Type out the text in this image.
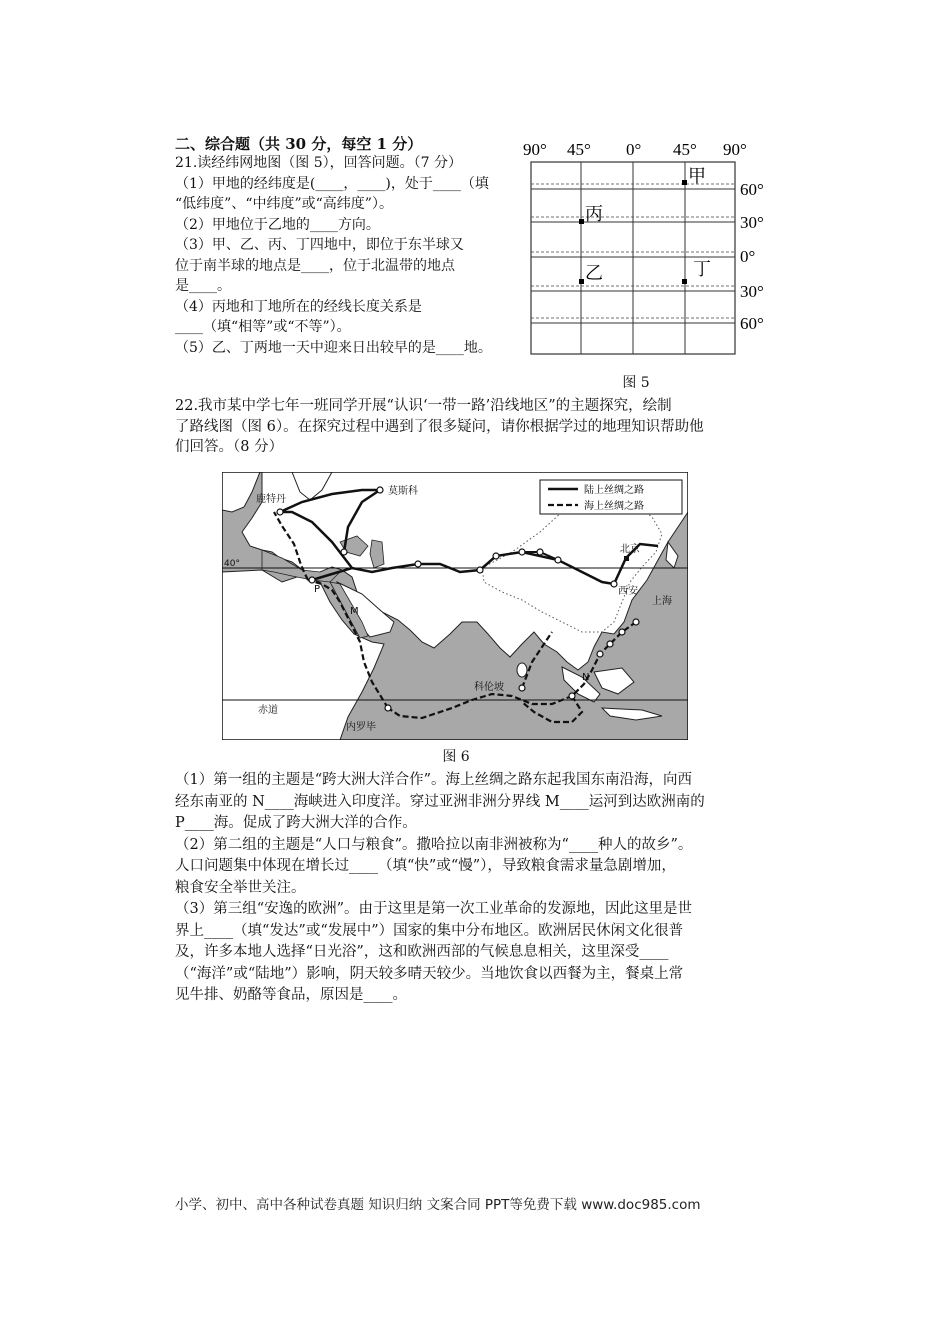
二、综合题（共 30 分，每空 1 分）

21.读经纬网地图（图 5），回答问题。（7 分）

（1）甲地的经纬度是(____，____)，处于____（填

“低纬度”、“中纬度”或“高纬度”）。

（2）甲地位于乙地的____方向。

（3）甲、乙、丙、丁四地中，即位于东半球又

位于南半球的地点是____，位于北温带的地点

是____。

（4）丙地和丁地所在的经线长度关系是

____（填“相等”或“不等”）。

（5）乙、丁两地一天中迎来日出较早的是____地。

90° 45° 0° 45° 90°
60°
30°
0°
30°
60°
甲
丙
乙	丁
图 5

22.我市某中学七年一班同学开展“认识‘一带一路’沿线地区”的主题探究，绘制

了路线图（图 6）。在探究过程中遇到了很多疑问，请你根据学过的地理知识帮助他

们回答。（8 分）

陆上丝绸之路
海上丝绸之路
鹿特丹
莫斯科
北京
西安
上海
内罗毕
科伦坡
赤道
40°
P
M
N
图 6

（1）第一组的主题是“跨大洲大洋合作”。海上丝绸之路东起我国东南沿海，向西

经东南亚的 N____海峡进入印度洋。穿过亚洲非洲分界线 M____运河到达欧洲南的

P____海。促成了跨大洲大洋的合作。

（2）第二组的主题是“人口与粮食”。撒哈拉以南非洲被称为“____种人的故乡”。

人口问题集中体现在增长过____（填“快”或“慢”），导致粮食需求量急剧增加，

粮食安全举世关注。

（3）第三组“安逸的欧洲”。由于这里是第一次工业革命的发源地，因此这里是世

界上____（填“发达”或“发展中”）国家的集中分布地区。欧洲居民休闲文化很普

及，许多本地人选择“日光浴”，这和欧洲西部的气候息息相关，这里深受____

（“海洋”或“陆地”）影响，阴天较多晴天较少。当地饮食以西餐为主，餐桌上常

见牛排、奶酪等食品，原因是____。

小学、初中、高中各种试卷真题 知识归纳 文案合同 PPT等免费下载 www.doc985.com
